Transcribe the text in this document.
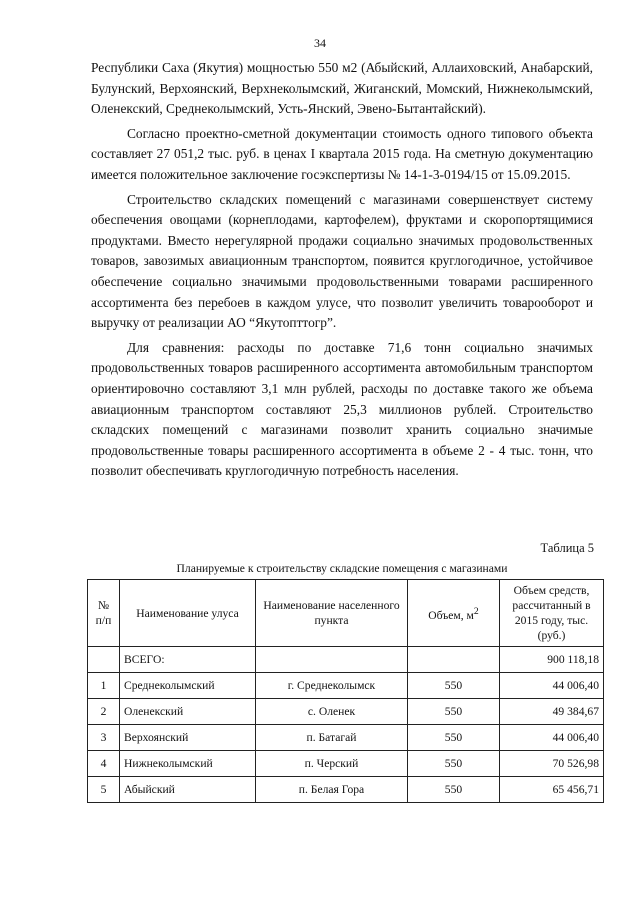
34

Республики Саха (Якутия) мощностью 550 м2 (Абыйский, Аллаиховский, Анабарский, Булунский, Верхоянский, Верхнеколымский, Жиганский, Момский, Нижнеколымский, Оленекский, Среднеколымский, Усть-Янский, Эвено-Бытантайский).

Согласно проектно-сметной документации стоимость одного типового объекта составляет 27 051,2 тыс. руб. в ценах I квартала 2015 года. На сметную документацию имеется положительное заключение госэкспертизы № 14-1-3-0194/15 от 15.09.2015.

Строительство складских помещений с магазинами совершенствует систему обеспечения овощами (корнеплодами, картофелем), фруктами и скоропортящимися продуктами. Вместо нерегулярной продажи социально значимых продовольственных товаров, завозимых авиационным транспортом, появится круглогодичное, устойчивое обеспечение социально значимыми продовольственными товарами расширенного ассортимента без перебоев в каждом улусе, что позволит увеличить товарооборот и выручку от реализации АО “Якутопттогр”.

Для сравнения: расходы по доставке 71,6 тонн социально значимых продовольственных товаров расширенного ассортимента автомобильным транспортом ориентировочно составляют 3,1 млн рублей, расходы по доставке такого же объема авиационным транспортом составляют 25,3 миллионов рублей. Строительство складских помещений с магазинами позволит хранить социально значимые продовольственные товары расширенного ассортимента в объеме 2 - 4 тыс. тонн, что позволит обеспечивать круглогодичную потребность населения.

Таблица 5
Планируемые к строительству складские помещения с магазинами
№ п/п	Наименование улуса	Наименование населенного пункта	Объем, $м^2$	Объем средств, рассчитанный в 2015 году, тыс. (руб.)
	ВСЕГО:			900 118,18
1	Среднеколымский	г. Среднеколымск	550	44 006,40
2	Оленекский	с. Оленек	550	49 384,67
3	Верхоянский	п. Батагай	550	44 006,40
4	Нижнеколымский	п. Черский	550	70 526,98
5	Абыйский	п. Белая Гора	550	65 456,71
